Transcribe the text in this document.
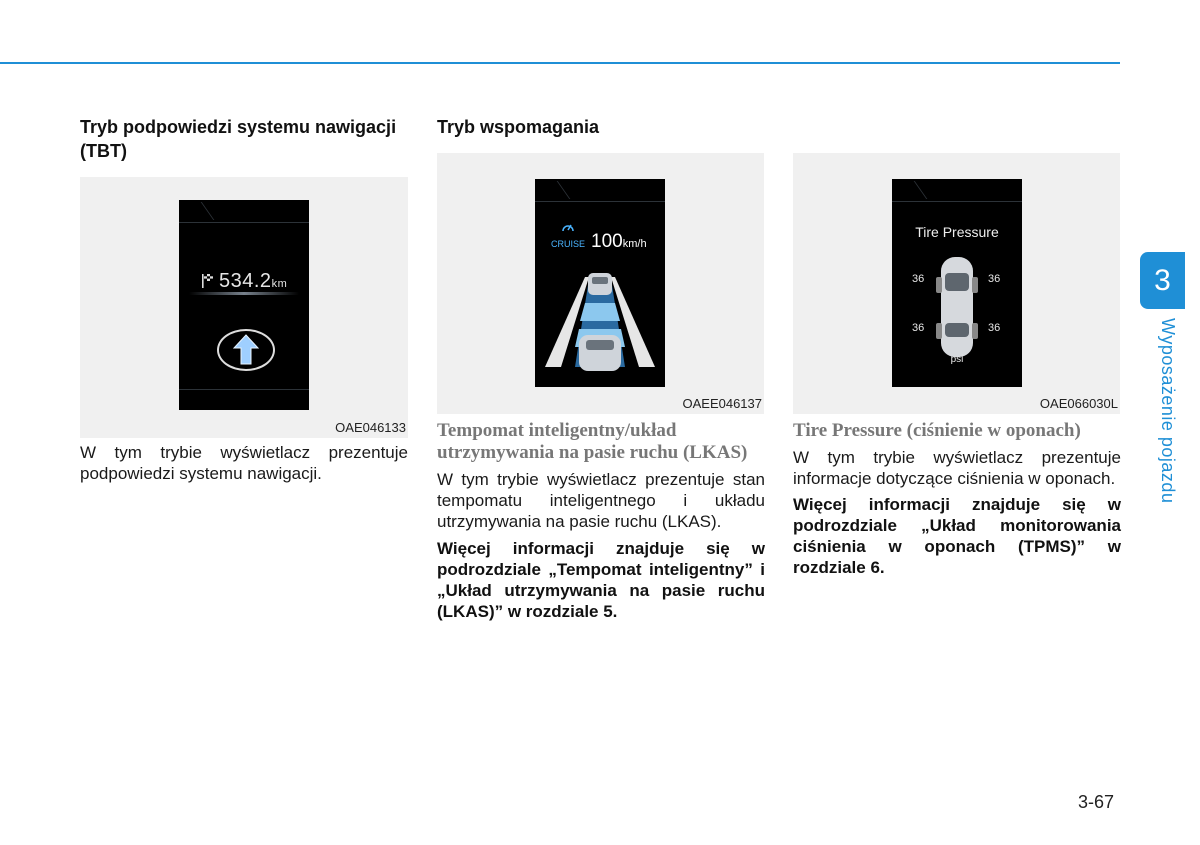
Tryb podpowiedzi systemu nawigacji (TBT)
534.2km
OAE046133

W tym trybie wyświetlacz prezentuje podpowiedzi systemu nawigacji.

Tryb wspomagania
CRUISE 100km/h
OAEE046137
Tempomat inteligentny/układ utrzymywania na pasie ruchu (LKAS)

W tym trybie wyświetlacz prezentuje stan tempomatu inteligentnego i układu utrzymywania na pasie ruchu (LKAS).

Więcej informacji znajduje się w podrozdziale „Tempomat inteligentny” i „Układ utrzymywania na pasie ruchu (LKAS)” w rozdziale 5.

Tire Pressure
36	36
36	36
psi
OAE066030L
Tire Pressure (ciśnienie w oponach)

W tym trybie wyświetlacz prezentuje informacje dotyczące ciśnienia w oponach.

Więcej informacji znajduje się w podrozdziale „Układ monitorowania ciśnienia w oponach (TPMS)” w rozdziale 6.

3
Wyposażenie pojazdu
3-67
